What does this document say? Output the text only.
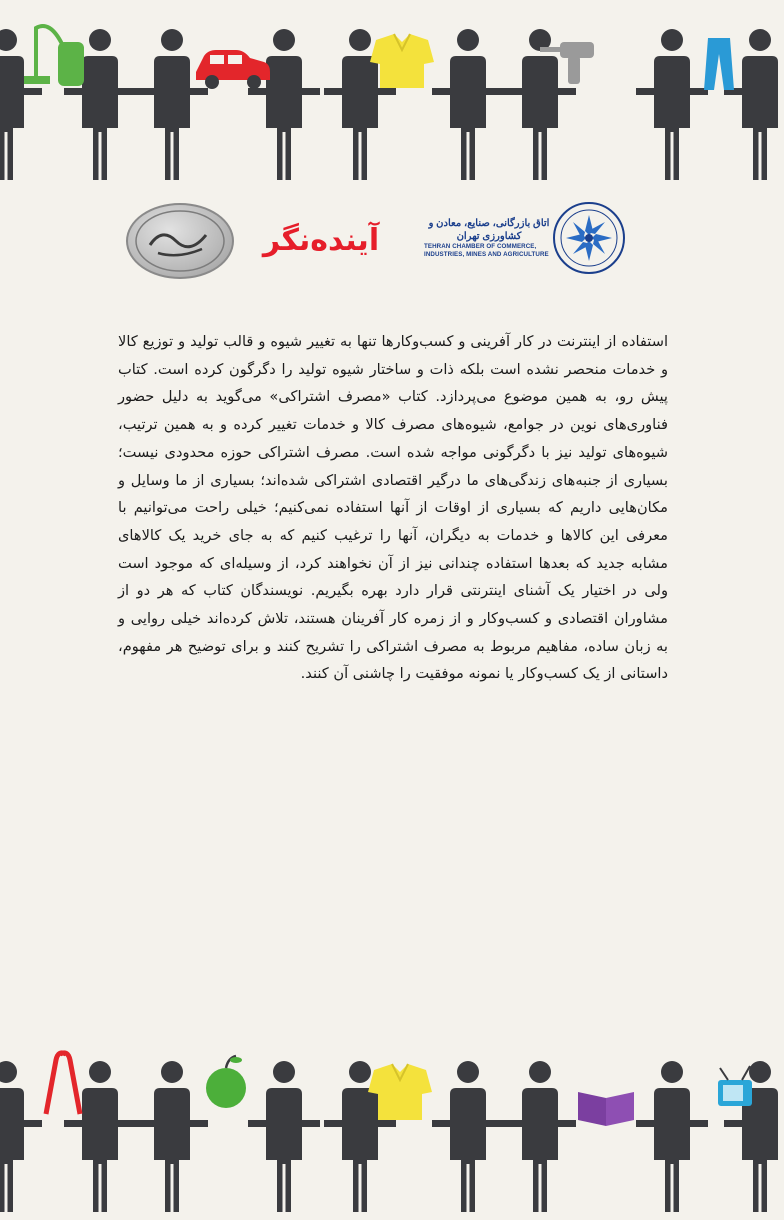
آینده‌نگر	اتاق بازرگانی، صنایع، معادن و کشاورزی تهران
TEHRAN CHAMBER OF COMMERCE,
INDUSTRIES, MINES AND AGRICULTURE
استفاده از اینترنت در کار آفرینی و کسب‌وکارها تنها به تغییر شیوه و قالب تولید و توزیع کالا و خدمات منحصر نشده است بلکه ذات و ساختار شیوه تولید را دگرگون کرده است. کتاب پیش رو، به همین موضوع می‌پردازد. کتاب «مصرف اشتراکی» می‌گوید به دلیل حضور فناوری‌های نوین در جوامع، شیوه‌های مصرف کالا و خدمات تغییر کرده و به همین ترتیب، شیوه‌های تولید نیز با دگرگونی مواجه شده است. مصرف اشتراکی حوزه محدودی نیست؛ بسیاری از جنبه‌های زندگی‌های ما درگیر اقتصادی اشتراکی شده‌اند؛ بسیاری از ما وسایل و مکان‌هایی داریم که بسیاری از اوقات از آنها استفاده نمی‌کنیم؛ خیلی راحت می‌توانیم با معرفی این کالاها و خدمات به دیگران، آنها را ترغیب کنیم که به جای خرید یک کالاهای مشابه جدید که بعدها استفاده چندانی نیز از آن نخواهند کرد، از وسیله‌ای که موجود است ولی در اختیار یک آشنای اینترنتی قرار دارد بهره بگیریم. نویسندگان کتاب که هر دو از مشاوران اقتصادی و کسب‌وکار و از زمره کار آفرینان هستند، تلاش کرده‌اند خیلی روایی و به زبان ساده، مفاهیم مربوط به مصرف اشتراکی را تشریح کنند و برای توضیح هر مفهوم، داستانی از یک کسب‌وکار یا نمونه موفقیت را چاشنی آن کنند.
